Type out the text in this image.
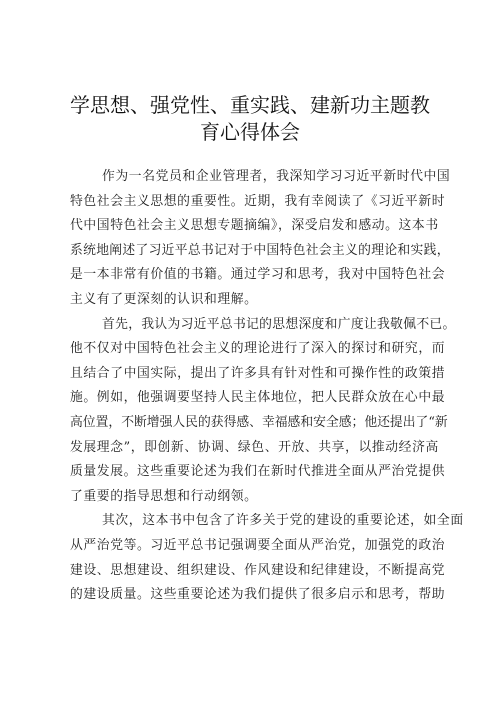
学思想、强党性、重实践、建新功主题教
育心得体会

作为一名党员和企业管理者，我深知学习习近平新时代中国
特色社会主义思想的重要性。近期，我有幸阅读了《习近平新时
代中国特色社会主义思想专题摘编》，深受启发和感动。这本书
系统地阐述了习近平总书记对于中国特色社会主义的理论和实践，
是一本非常有价值的书籍。通过学习和思考，我对中国特色社会
主义有了更深刻的认识和理解。

首先，我认为习近平总书记的思想深度和广度让我敬佩不已。
他不仅对中国特色社会主义的理论进行了深入的探讨和研究，而
且结合了中国实际，提出了许多具有针对性和可操作性的政策措
施。例如，他强调要坚持人民主体地位，把人民群众放在心中最
高位置，不断增强人民的获得感、幸福感和安全感；他还提出了“新
发展理念”，即创新、协调、绿色、开放、共享，以推动经济高
质量发展。这些重要论述为我们在新时代推进全面从严治党提供
了重要的指导思想和行动纲领。

其次，这本书中包含了许多关于党的建设的重要论述，如全面
从严治党等。习近平总书记强调要全面从严治党，加强党的政治
建设、思想建设、组织建设、作风建设和纪律建设，不断提高党
的建设质量。这些重要论述为我们提供了很多启示和思考，帮助
